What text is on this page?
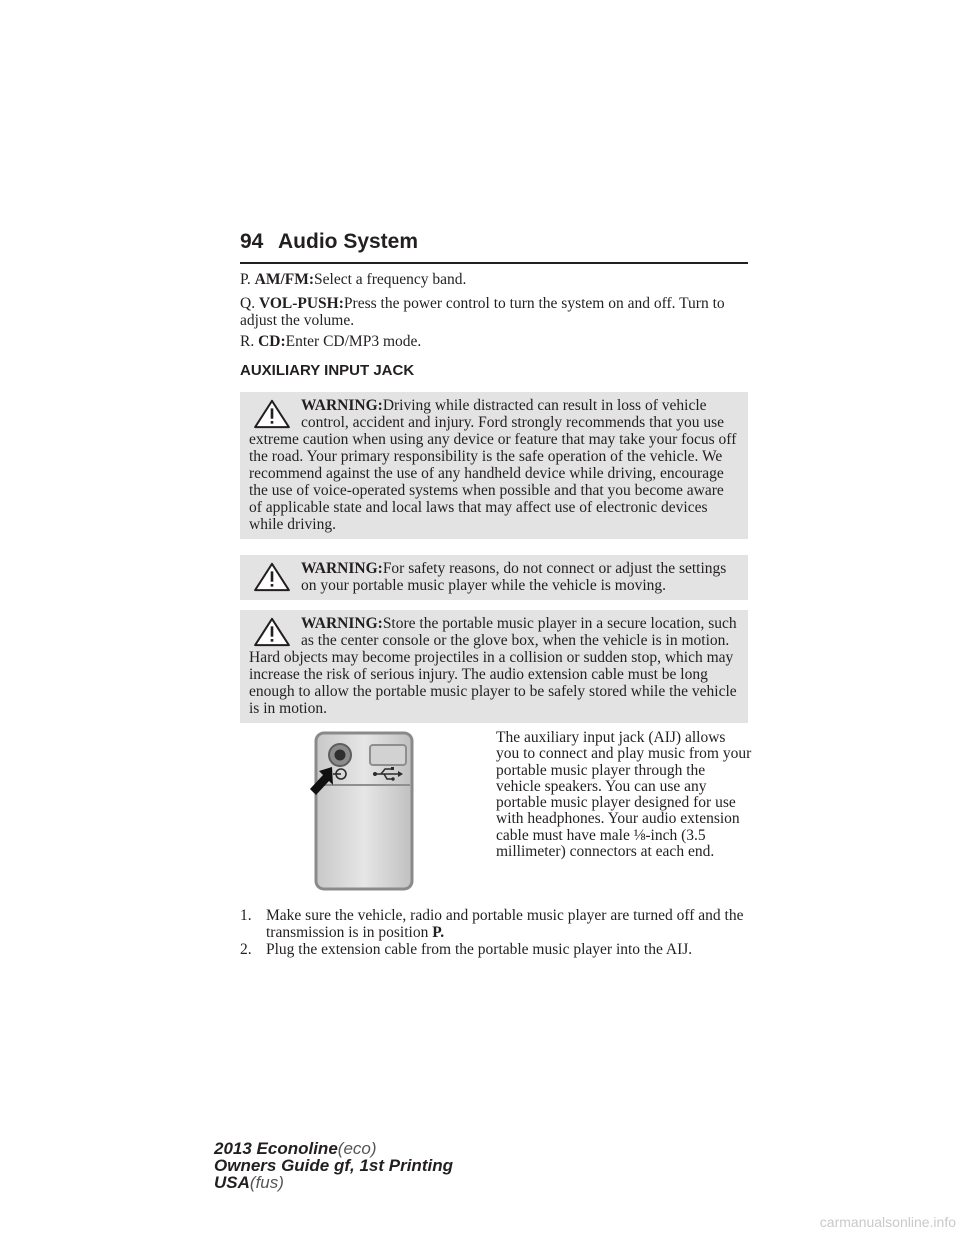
94 Audio System
P. AM/FM:Select a frequency band.
Q. VOL-PUSH:Press the power control to turn the system on and off. Turn to adjust the volume.
R. CD:Enter CD/MP3 mode.
AUXILIARY INPUT JACK
WARNING:Driving while distracted can result in loss of vehicle control, accident and injury. Ford strongly recommends that you use extreme caution when using any device or feature that may take your focus off the road. Your primary responsibility is the safe operation of the vehicle. We recommend against the use of any handheld device while driving, encourage the use of voice-operated systems when possible and that you become aware of applicable state and local laws that may affect use of electronic devices while driving.
WARNING:For safety reasons, do not connect or adjust the settings on your portable music player while the vehicle is moving.
WARNING:Store the portable music player in a secure location, such as the center console or the glove box, when the vehicle is in motion. Hard objects may become projectiles in a collision or sudden stop, which may increase the risk of serious injury. The audio extension cable must be long enough to allow the portable music player to be safely stored while the vehicle is in motion.
The auxiliary input jack (AIJ) allows you to connect and play music from your portable music player through the vehicle speakers. You can use any portable music player designed for use with headphones. Your audio extension cable must have male ⅛-inch (3.5 millimeter) connectors at each end.
1. Make sure the vehicle, radio and portable music player are turned off and the transmission is in position P.
2. Plug the extension cable from the portable music player into the AIJ.
2013 Econoline(eco)
Owners Guide gf, 1st Printing
USA(fus)
carmanualsonline.info
